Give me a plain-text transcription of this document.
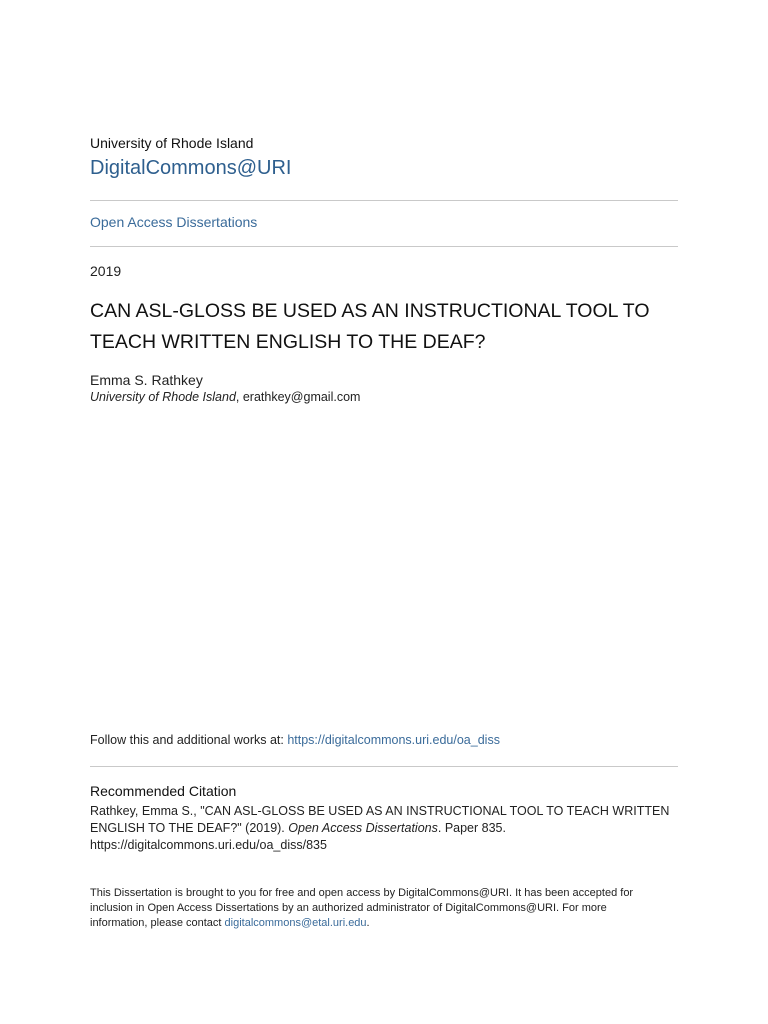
University of Rhode Island
DigitalCommons@URI
Open Access Dissertations
2019
CAN ASL-GLOSS BE USED AS AN INSTRUCTIONAL TOOL TO
TEACH WRITTEN ENGLISH TO THE DEAF?
Emma S. Rathkey
University of Rhode Island, erathkey@gmail.com
Follow this and additional works at: https://digitalcommons.uri.edu/oa_diss
Recommended Citation
Rathkey, Emma S., "CAN ASL-GLOSS BE USED AS AN INSTRUCTIONAL TOOL TO TEACH WRITTEN
ENGLISH TO THE DEAF?" (2019). Open Access Dissertations. Paper 835.
https://digitalcommons.uri.edu/oa_diss/835
This Dissertation is brought to you for free and open access by DigitalCommons@URI. It has been accepted for
inclusion in Open Access Dissertations by an authorized administrator of DigitalCommons@URI. For more
information, please contact digitalcommons@etal.uri.edu.
